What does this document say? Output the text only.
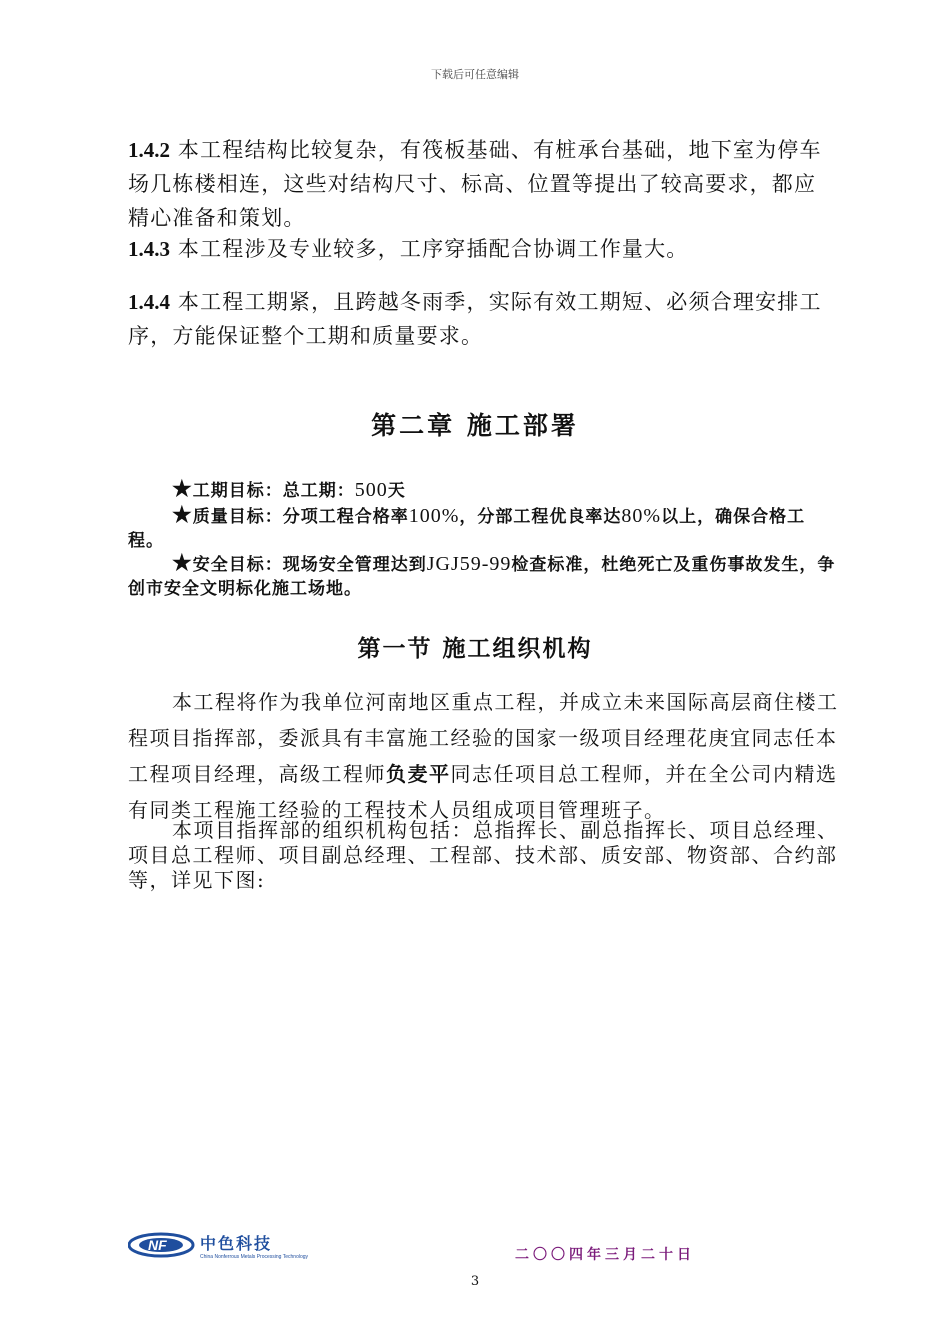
下载后可任意编辑

1.4.2 本工程结构比较复杂，有筏板基础、有桩承台基础，地下室为停车场几栋楼相连，这些对结构尺寸、标高、位置等提出了较高要求，都应精心准备和策划。

1.4.3 本工程涉及专业较多，工序穿插配合协调工作量大。

1.4.4 本工程工期紧，且跨越冬雨季，实际有效工期短、必须合理安排工序，方能保证整个工期和质量要求。

第二章 施工部署

★工期目标：总工期：500天

★质量目标：分项工程合格率100%，分部工程优良率达80%以上，确保合格工程。

★安全目标：现场安全管理达到JGJ59-99检查标准，杜绝死亡及重伤事故发生，争创市安全文明标化施工场地。

第一节 施工组织机构

本工程将作为我单位河南地区重点工程，并成立未来国际高层商住楼工程项目指挥部，委派具有丰富施工经验的国家一级项目经理花庚宜同志任本工程项目经理，高级工程师负麦平同志任项目总工程师，并在全公司内精选有同类工程施工经验的工程技术人员组成项目管理班子。

本项目指挥部的组织机构包括：总指挥长、副总指挥长、项目总经理、项目总工程师、项目副总经理、工程部、技术部、质安部、物资部、合约部等，详见下图:

NF 中色科技
China Nonferrous Metals Processing Technology	二〇〇四年三月二十日
3
